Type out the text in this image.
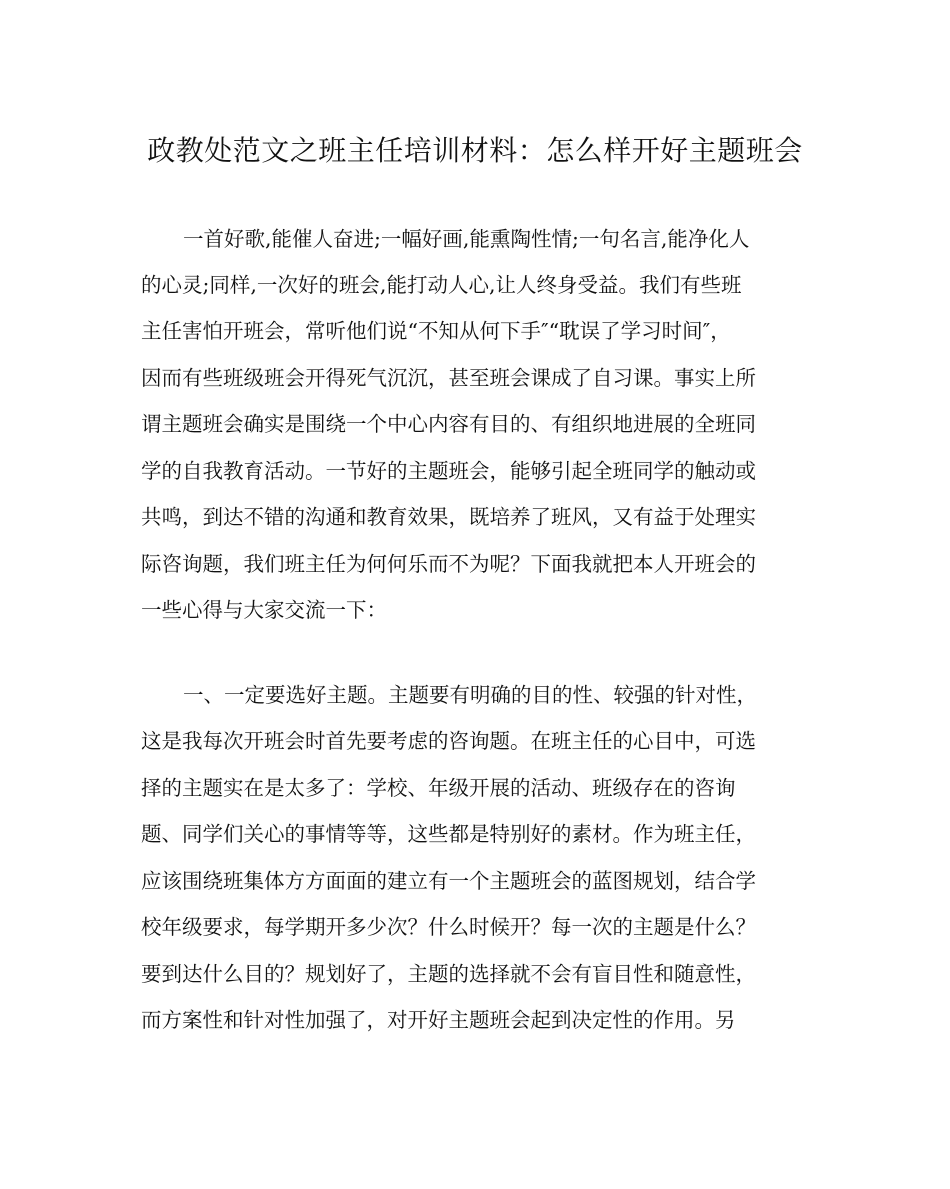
政教处范文之班主任培训材料：怎么样开好主题班会
一首好歌,能催人奋进;一幅好画,能熏陶性情;一句名言,能净化人
的心灵;同样,一次好的班会,能打动人心,让人终身受益。我们有些班
主任害怕开班会，常听他们说“不知从何下手″“耽误了学习时间″，
因而有些班级班会开得死气沉沉，甚至班会课成了自习课。事实上所
谓主题班会确实是围绕一个中心内容有目的、有组织地进展的全班同
学的自我教育活动。一节好的主题班会，能够引起全班同学的触动或
共鸣，到达不错的沟通和教育效果，既培养了班风，又有益于处理实
际咨询题，我们班主任为何何乐而不为呢？下面我就把本人开班会的
一些心得与大家交流一下：
一、一定要选好主题。主题要有明确的目的性、较强的针对性，
这是我每次开班会时首先要考虑的咨询题。在班主任的心目中，可选
择的主题实在是太多了：学校、年级开展的活动、班级存在的咨询
题、同学们关心的事情等等，这些都是特别好的素材。作为班主任，
应该围绕班集体方方面面的建立有一个主题班会的蓝图规划，结合学
校年级要求，每学期开多少次？什么时候开？每一次的主题是什么？
要到达什么目的？规划好了，主题的选择就不会有盲目性和随意性，
而方案性和针对性加强了，对开好主题班会起到决定性的作用。另
